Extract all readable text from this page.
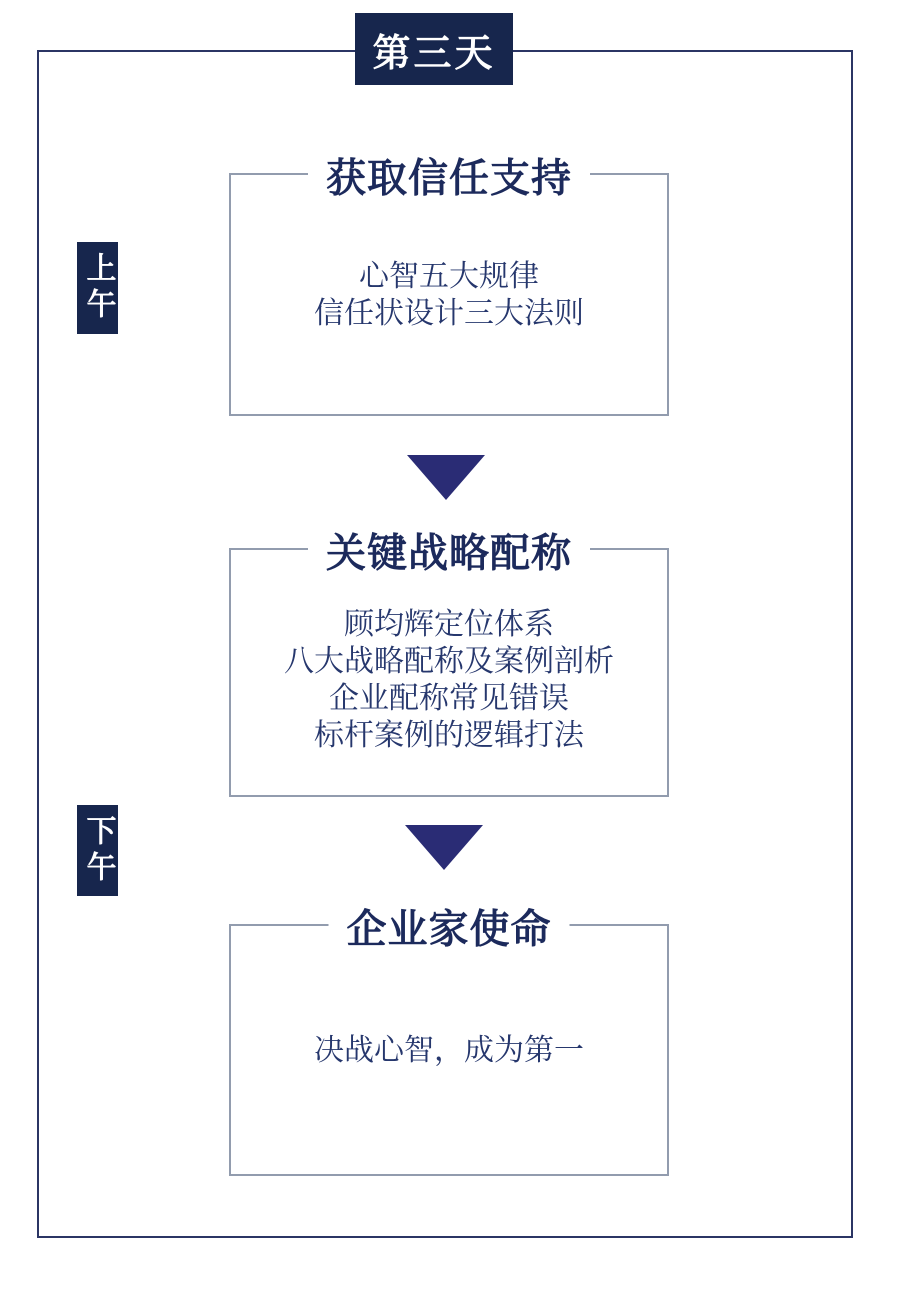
第三天
上午
下午
获取信任支持
心智五大规律
信任状设计三大法则
关键战略配称
顾均辉定位体系
八大战略配称及案例剖析
企业配称常见错误
标杆案例的逻辑打法
企业家使命
决战心智，成为第一
